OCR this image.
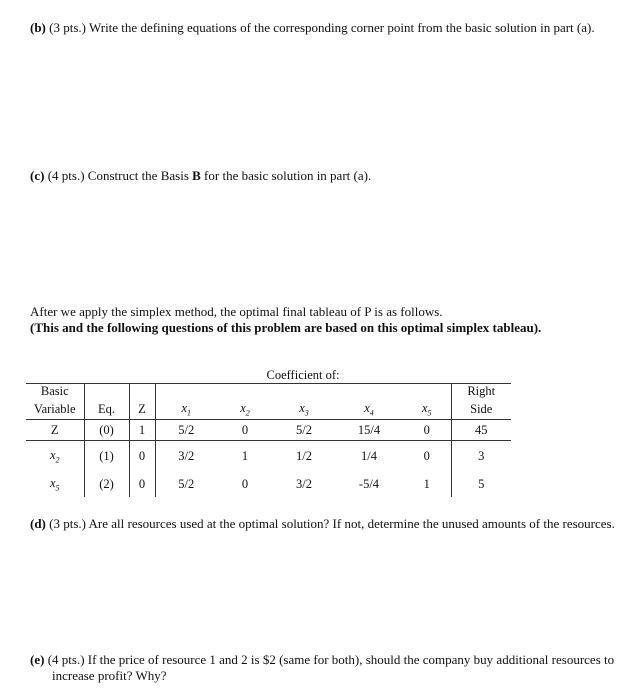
(b) (3 pts.) Write the defining equations of the corresponding corner point from the basic solution in part (a).
(c) (4 pts.) Construct the Basis B for the basic solution in part (a).
After we apply the simplex method, the optimal final tableau of P is as follows.
(This and the following questions of this problem are based on this optimal simplex tableau).
			Coefficient of:					
Basic								Right
Variable	Eq.	Z	$x_1$	$x_2$	$x_3$	$x_4$	$x_5$	Side
Z	(0)	1	5/2	0	5/2	15/4	0	45
$x_2$	(1)	0	3/2	1	1/2	1/4	0	3
$x_5$	(2)	0	5/2	0	3/2	-5/4	1	5
(d) (3 pts.) Are all resources used at the optimal solution? If not, determine the unused amounts of the resources.
(e) (4 pts.) If the price of resource 1 and 2 is $2 (same for both), should the company buy additional resources to increase profit? Why?
